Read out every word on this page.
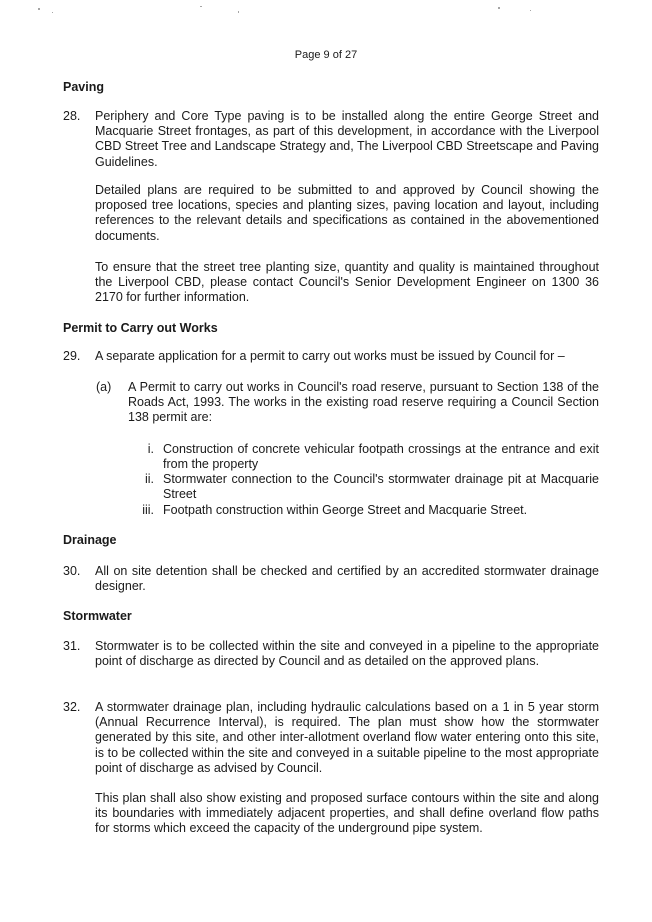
Page 9 of 27
Paving
28. Periphery and Core Type paving is to be installed along the entire George Street and Macquarie Street frontages, as part of this development, in accordance with the Liverpool CBD Street Tree and Landscape Strategy and, The Liverpool CBD Streetscape and Paving Guidelines.
Detailed plans are required to be submitted to and approved by Council showing the proposed tree locations, species and planting sizes, paving location and layout, including references to the relevant details and specifications as contained in the abovementioned documents.
To ensure that the street tree planting size, quantity and quality is maintained throughout the Liverpool CBD, please contact Council's Senior Development Engineer on 1300 36 2170 for further information.
Permit to Carry out Works
29. A separate application for a permit to carry out works must be issued by Council for –
(a) A Permit to carry out works in Council's road reserve, pursuant to Section 138 of the Roads Act, 1993. The works in the existing road reserve requiring a Council Section 138 permit are:
i. Construction of concrete vehicular footpath crossings at the entrance and exit from the property
ii. Stormwater connection to the Council's stormwater drainage pit at Macquarie Street
iii. Footpath construction within George Street and Macquarie Street.
Drainage
30. All on site detention shall be checked and certified by an accredited stormwater drainage designer.
Stormwater
31. Stormwater is to be collected within the site and conveyed in a pipeline to the appropriate point of discharge as directed by Council and as detailed on the approved plans.
32. A stormwater drainage plan, including hydraulic calculations based on a 1 in 5 year storm (Annual Recurrence Interval), is required. The plan must show how the stormwater generated by this site, and other inter-allotment overland flow water entering onto this site, is to be collected within the site and conveyed in a suitable pipeline to the most appropriate point of discharge as advised by Council.
This plan shall also show existing and proposed surface contours within the site and along its boundaries with immediately adjacent properties, and shall define overland flow paths for storms which exceed the capacity of the underground pipe system.
